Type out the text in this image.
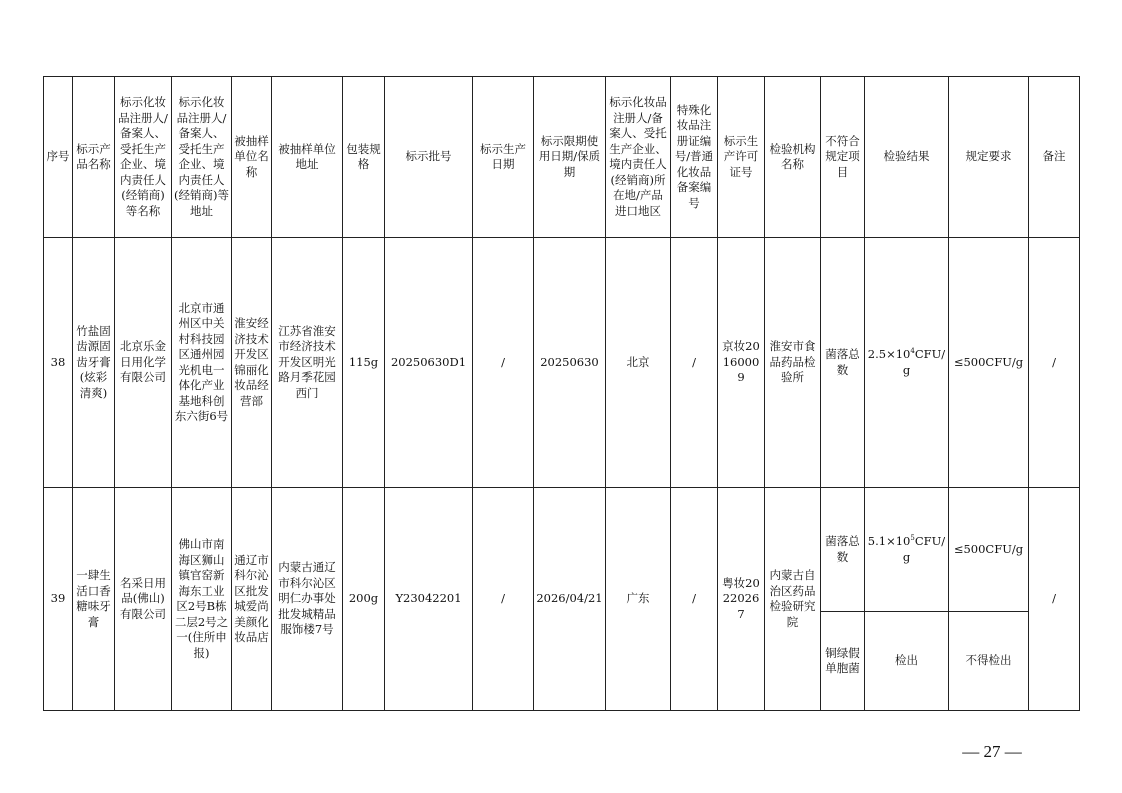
序号	标示产品名称	标示化妆品注册人/备案人、受托生产企业、境内责任人(经销商)等名称	标示化妆品注册人/备案人、受托生产企业、境内责任人(经销商)等地址	被抽样单位名称	被抽样单位地址	包装规格	标示批号	标示生产日期	标示限期使用日期/保质期	标示化妆品注册人/备案人、受托生产企业、境内责任人(经销商)所在地/产品进口地区	特殊化妆品注册证编号/普通化妆品备案编号	标示生产许可证号	检验机构名称	不符合规定项目	检验结果	规定要求	备注
38	竹盐固齿源固齿牙膏(炫彩清爽)	北京乐金日用化学有限公司	北京市通州区中关村科技园区通州园光机电一体化产业基地科创东六街6号	淮安经济技术开发区锦丽化妆品经营部	江苏省淮安市经济技术开发区明光路月季花园西门	115g	20250630D1	/	20250630	北京	/	京妆20160009	淮安市食品药品检验所	菌落总数	$2.5\times 10^4CFU/g$	≤500CFU/g	/
39	一肆生活口香糖味牙膏	名采日用品(佛山)有限公司	佛山市南海区狮山镇官窑新海东工业区2号B栋二层2号之一(住所申报)	通辽市科尔沁区批发城爱尚美颜化妆品店	内蒙古通辽市科尔沁区明仁办事处批发城精品服饰楼7号	200g	Y23042201	/	2026/04/21	广东	/	粤妆20220267	内蒙古自治区药品检验研究院	菌落总数	$5.1\times 10^5CFU/g$	≤500CFU/g	/
														铜绿假单胞菌	检出	不得检出	
— 27 —
